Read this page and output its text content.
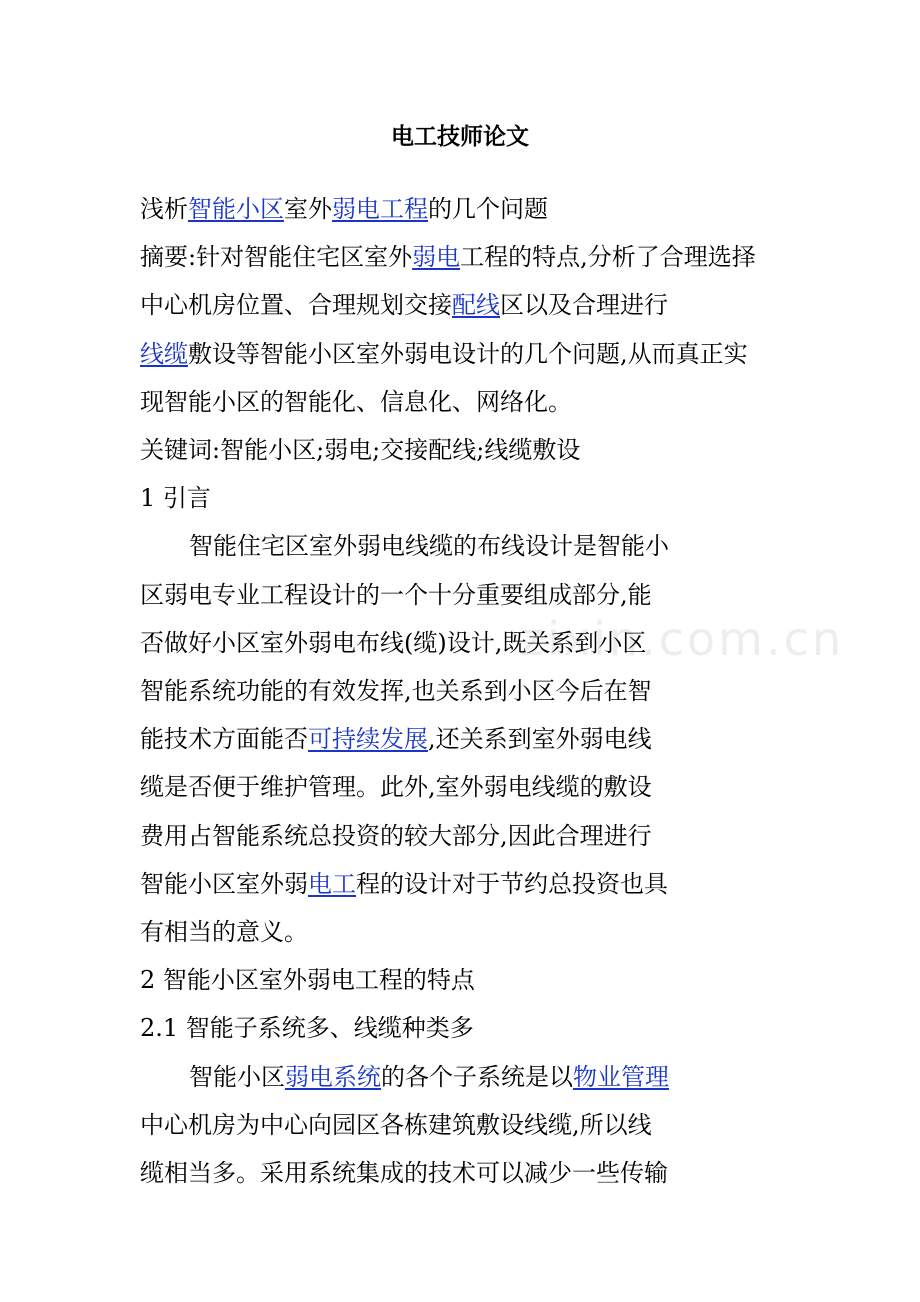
zixin.com.cn
电工技师论文
浅析智能小区室外弱电工程的几个问题
摘要:针对智能住宅区室外弱电工程的特点,分析了合理选择
中心机房位置、合理规划交接配线区以及合理进行
线缆敷设等智能小区室外弱电设计的几个问题,从而真正实
现智能小区的智能化、信息化、网络化。
关键词:智能小区;弱电;交接配线;线缆敷设
1 引言
智能住宅区室外弱电线缆的布线设计是智能小
区弱电专业工程设计的一个十分重要组成部分,能
否做好小区室外弱电布线(缆)设计,既关系到小区
智能系统功能的有效发挥,也关系到小区今后在智
能技术方面能否可持续发展,还关系到室外弱电线
缆是否便于维护管理。此外,室外弱电线缆的敷设
费用占智能系统总投资的较大部分,因此合理进行
智能小区室外弱电工程的设计对于节约总投资也具
有相当的意义。
2 智能小区室外弱电工程的特点
2.1 智能子系统多、线缆种类多
智能小区弱电系统的各个子系统是以物业管理
中心机房为中心向园区各栋建筑敷设线缆,所以线
缆相当多。采用系统集成的技术可以减少一些传输
